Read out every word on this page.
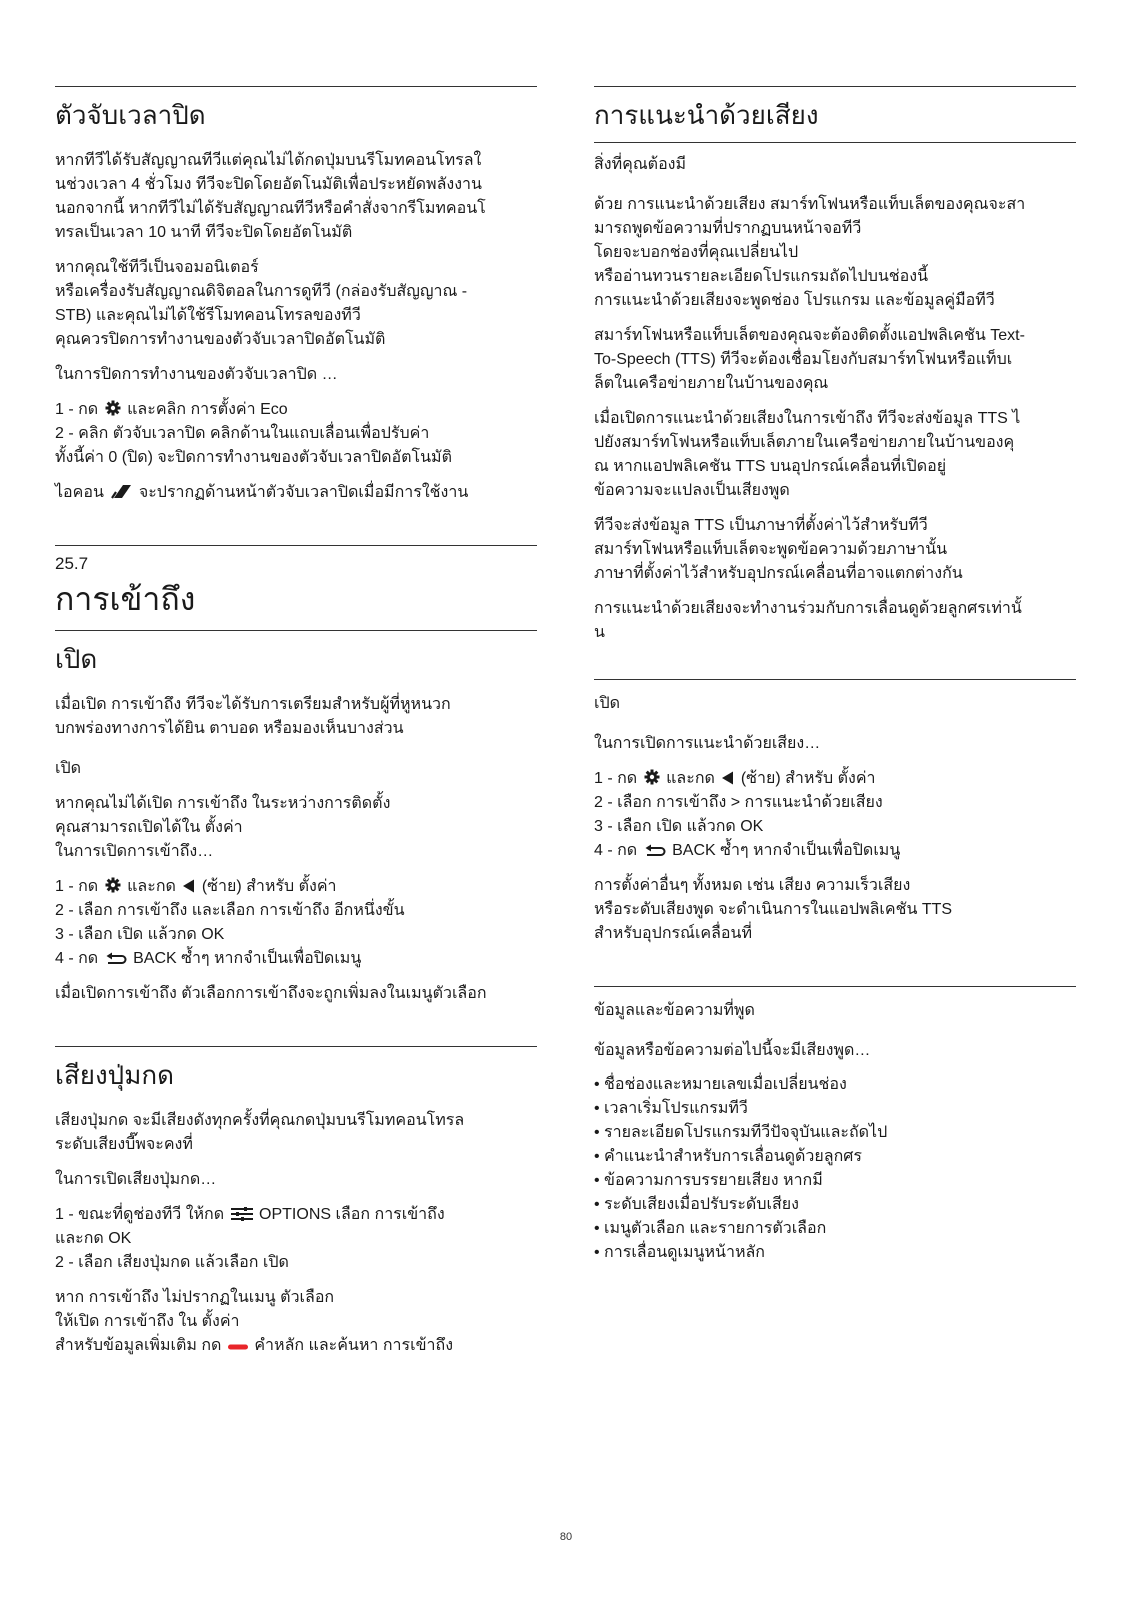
ตัวจับเวลาปิด

หากทีวีได้รับสัญญาณทีวีแต่คุณไม่ได้กดปุ่มบนรีโมทคอนโทรลใ
นช่วงเวลา 4 ชั่วโมง ทีวีจะปิดโดยอัตโนมัติเพื่อประหยัดพลังงาน
นอกจากนี้ หากทีวีไม่ได้รับสัญญาณทีวีหรือคำสั่งจากรีโมทคอนโ
ทรลเป็นเวลา 10 นาที ทีวีจะปิดโดยอัตโนมัติ

หากคุณใช้ทีวีเป็นจอมอนิเตอร์
หรือเครื่องรับสัญญาณดิจิตอลในการดูทีวี (กล่องรับสัญญาณ -
STB) และคุณไม่ได้ใช้รีโมทคอนโทรลของทีวี
คุณควรปิดการทำงานของตัวจับเวลาปิดอัตโนมัติ

ในการปิดการทำงานของตัวจับเวลาปิด …

1 - กด และคลิก การตั้งค่า Eco
2 - คลิก ตัวจับเวลาปิด คลิกด้านในแถบเลื่อนเพื่อปรับค่า
ทั้งนี้ค่า 0 (ปิด) จะปิดการทำงานของตัวจับเวลาปิดอัตโนมัติ

ไอคอน จะปรากฏด้านหน้าตัวจับเวลาปิดเมื่อมีการใช้งาน

25.7
การเข้าถึง
เปิด

เมื่อเปิด การเข้าถึง ทีวีจะได้รับการเตรียมสำหรับผู้ที่หูหนวก
บกพร่องทางการได้ยิน ตาบอด หรือมองเห็นบางส่วน

เปิด

หากคุณไม่ได้เปิด การเข้าถึง ในระหว่างการติดตั้ง
คุณสามารถเปิดได้ใน ตั้งค่า
ในการเปิดการเข้าถึง…

1 - กด และกด (ซ้าย) สำหรับ ตั้งค่า
2 - เลือก การเข้าถึง และเลือก การเข้าถึง อีกหนึ่งขั้น
3 - เลือก เปิด แล้วกด OK
4 - กด BACK ซ้ำๆ หากจำเป็นเพื่อปิดเมนู

เมื่อเปิดการเข้าถึง ตัวเลือกการเข้าถึงจะถูกเพิ่มลงในเมนูตัวเลือก

เสียงปุ่มกด

เสียงปุ่มกด จะมีเสียงดังทุกครั้งที่คุณกดปุ่มบนรีโมทคอนโทรล
ระดับเสียงบี๊พจะคงที่

ในการเปิดเสียงปุ่มกด…

1 - ขณะที่ดูช่องทีวี ให้กด OPTIONS เลือก การเข้าถึง
และกด OK
2 - เลือก เสียงปุ่มกด แล้วเลือก เปิด

หาก การเข้าถึง ไม่ปรากฏในเมนู ตัวเลือก
ให้เปิด การเข้าถึง ใน ตั้งค่า
สำหรับข้อมูลเพิ่มเติม กด คำหลัก และค้นหา การเข้าถึง

การแนะนำด้วยเสียง
สิ่งที่คุณต้องมี

ด้วย การแนะนำด้วยเสียง สมาร์ทโฟนหรือแท็บเล็ตของคุณจะสา
มารถพูดข้อความที่ปรากฏบนหน้าจอทีวี
โดยจะบอกช่องที่คุณเปลี่ยนไป
หรืออ่านทวนรายละเอียดโปรแกรมถัดไปบนช่องนี้
การแนะนำด้วยเสียงจะพูดช่อง โปรแกรม และข้อมูลคู่มือทีวี

สมาร์ทโฟนหรือแท็บเล็ตของคุณจะต้องติดตั้งแอปพลิเคชัน Text-
To-Speech (TTS) ทีวีจะต้องเชื่อมโยงกับสมาร์ทโฟนหรือแท็บเ
ล็ตในเครือข่ายภายในบ้านของคุณ

เมื่อเปิดการแนะนำด้วยเสียงในการเข้าถึง ทีวีจะส่งข้อมูล TTS ไ
ปยังสมาร์ทโฟนหรือแท็บเล็ตภายในเครือข่ายภายในบ้านของคุ
ณ หากแอปพลิเคชัน TTS บนอุปกรณ์เคลื่อนที่เปิดอยู่
ข้อความจะแปลงเป็นเสียงพูด

ทีวีจะส่งข้อมูล TTS เป็นภาษาที่ตั้งค่าไว้สำหรับทีวี
สมาร์ทโฟนหรือแท็บเล็ตจะพูดข้อความด้วยภาษานั้น
ภาษาที่ตั้งค่าไว้สำหรับอุปกรณ์เคลื่อนที่อาจแตกต่างกัน

การแนะนำด้วยเสียงจะทำงานร่วมกับการเลื่อนดูด้วยลูกศรเท่านั้
น

เปิด

ในการเปิดการแนะนำด้วยเสียง…

1 - กด และกด (ซ้าย) สำหรับ ตั้งค่า
2 - เลือก การเข้าถึง > การแนะนำด้วยเสียง
3 - เลือก เปิด แล้วกด OK
4 - กด BACK ซ้ำๆ หากจำเป็นเพื่อปิดเมนู

การตั้งค่าอื่นๆ ทั้งหมด เช่น เสียง ความเร็วเสียง
หรือระดับเสียงพูด จะดำเนินการในแอปพลิเคชัน TTS
สำหรับอุปกรณ์เคลื่อนที่

ข้อมูลและข้อความที่พูด

ข้อมูลหรือข้อความต่อไปนี้จะมีเสียงพูด…

• ชื่อช่องและหมายเลขเมื่อเปลี่ยนช่อง
• เวลาเริ่มโปรแกรมทีวี
• รายละเอียดโปรแกรมทีวีปัจจุบันและถัดไป
• คำแนะนำสำหรับการเลื่อนดูด้วยลูกศร
• ข้อความการบรรยายเสียง หากมี
• ระดับเสียงเมื่อปรับระดับเสียง
• เมนูตัวเลือก และรายการตัวเลือก
• การเลื่อนดูเมนูหน้าหลัก
80
